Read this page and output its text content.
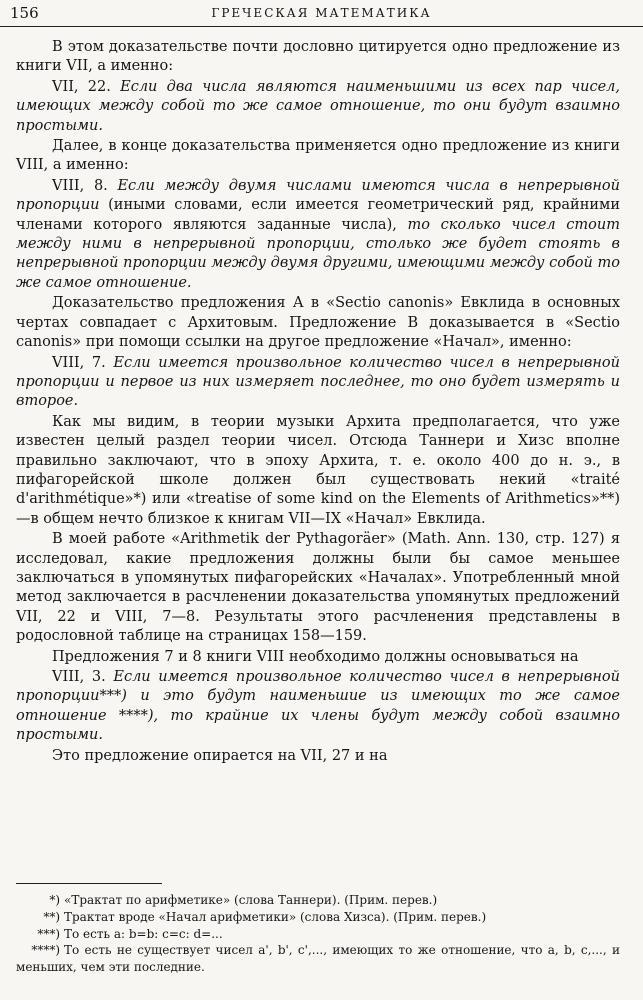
156	ГРЕЧЕСКАЯ МАТЕМАТИКА

В этом доказательстве почти дословно цитируется одно предложение из книги VII, а именно:

VII, 22. Если два числа являются наименьшими из всех пар чисел, имеющих между собой то же самое отношение, то они будут взаимно простыми.

Далее, в конце доказательства применяется одно предложение из книги VIII, а именно:

VIII, 8. Если между двумя числами имеются числа в непрерывной пропорции (иными словами, если имеется геометрический ряд, крайними членами которого являются заданные числа), то сколько чисел стоит между ними в непрерывной пропорции, столько же будет стоять в непрерывной пропорции между двумя другими, имеющими между собой то же самое отношение.

Доказательство предложения А в «Sectio canonis» Евклида в основных чертах совпадает с Архитовым. Предложение В доказывается в «Sectio canonis» при помощи ссылки на другое предложение «Начал», именно:

VIII, 7. Если имеется произвольное количество чисел в непрерывной пропорции и первое из них измеряет последнее, то оно будет измерять и второе.

Как мы видим, в теории музыки Архита предполагается, что уже известен целый раздел теории чисел. Отсюда Таннери и Хизс вполне правильно заключают, что в эпоху Архита, т. е. около 400 до н. э., в пифагорейской школе должен был существовать некий «traité d'arithmétique»*) или «treatise of some kind on the Elements of Arithmetics»**) —в общем нечто близкое к книгам VII—IX «Начал» Евклида.

В моей работе «Arithmetik der Pythagoräer» (Math. Ann. 130, стр. 127) я исследовал, какие предложения должны были бы самое меньшее заключаться в упомянутых пифагорейских «Началах». Употребленный мной метод заключается в расчленении доказательства упомянутых предложений VII, 22 и VIII, 7—8. Результаты этого расчленения представлены в родословной таблице на страницах 158—159.

Предложения 7 и 8 книги VIII необходимо должны основываться на

VIII, 3. Если имеется произвольное количество чисел в непрерывной пропорции***) и это будут наименьшие из имеющих то же самое отношение ****), то крайние их члены будут между собой взаимно простыми.

Это предложение опирается на VII, 27 и на

*) «Трактат по арифметике» (слова Таннери). (Прим. перев.)

**) Трактат вроде «Начал арифметики» (слова Хизса). (Прим. перев.)

***) То есть a: b=b: c=c: d=...

****) То есть не существует чисел a', b', c',..., имеющих то же отношение, что a, b, c,..., и меньших, чем эти последние.
